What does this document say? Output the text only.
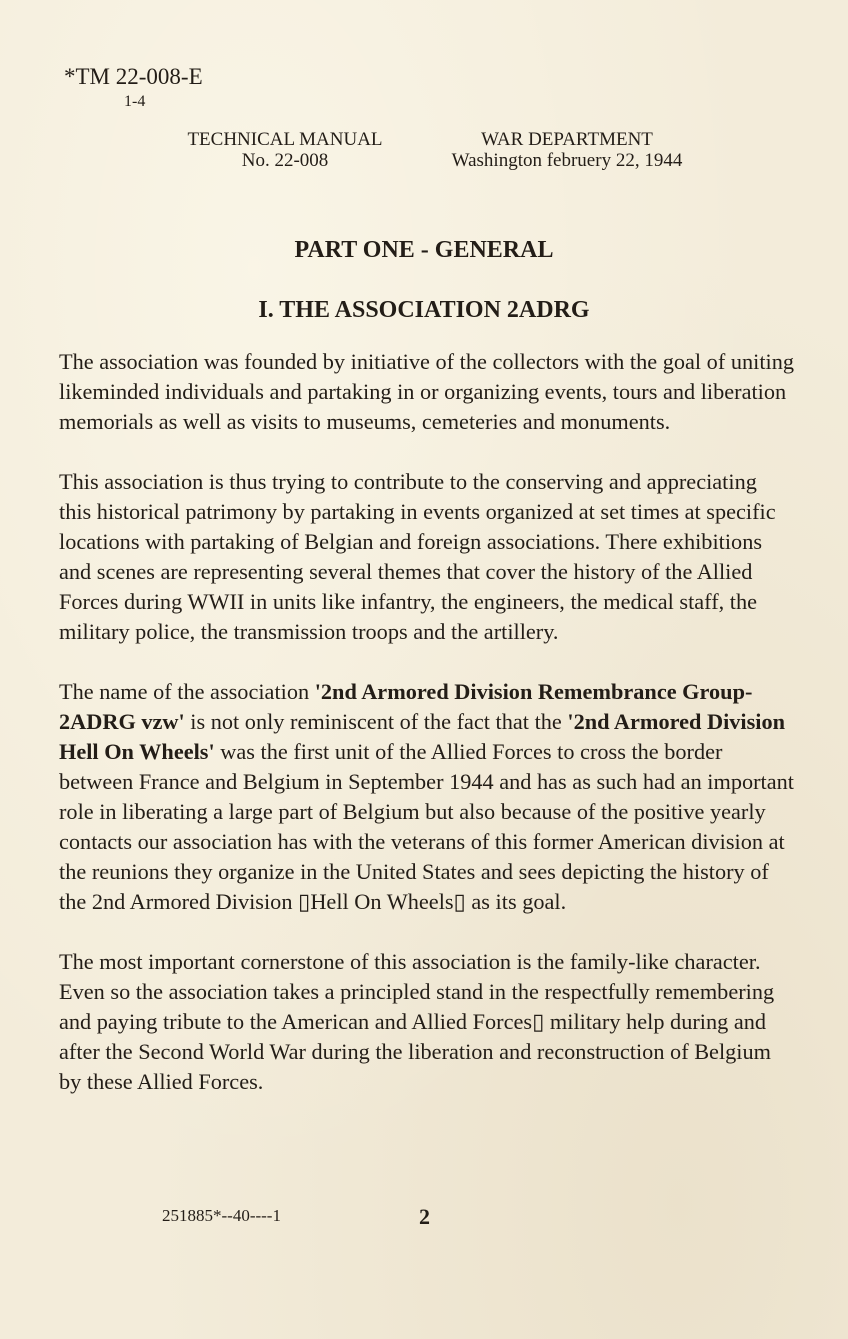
*TM 22-008-E
1-4
TECHNICAL MANUAL
No. 22-008
WAR DEPARTMENT
Washington februery 22, 1944
PART ONE - GENERAL
I. THE ASSOCIATION 2ADRG

The association was founded by initiative of the collectors with the goal of uniting likeminded individuals and partaking in or organizing events, tours and liberation memorials as well as visits to museums, cemeteries and monuments.

This association is thus trying to contribute to the conserving and appreciating this historical patrimony by partaking in events organized at set times at specific locations with partaking of Belgian and foreign associations. There exhibitions and scenes are representing several themes that cover the history of the Allied Forces during WWII in units like infantry, the engineers, the medical staff, the military police, the transmission troops and the artillery.

The name of the association '2nd Armored Division Remembrance Group-2ADRG vzw' is not only reminiscent of the fact that the '2nd Armored Division Hell On Wheels' was the first unit of the Allied Forces to cross the border between France and Belgium in September 1944 and has as such had an important role in liberating a large part of Belgium but also because of the positive yearly contacts our association has with the veterans of this former American division at the reunions they organize in the United States and sees depicting the history of the 2nd Armored Division ▯Hell On Wheels▯ as its goal.

The most important cornerstone of this association is the family-like character. Even so the association takes a principled stand in the respectfully remembering and paying tribute to the American and Allied Forces▯ military help during and after the Second World War during the liberation and reconstruction of Belgium by these Allied Forces.

251885*--40----1	2
